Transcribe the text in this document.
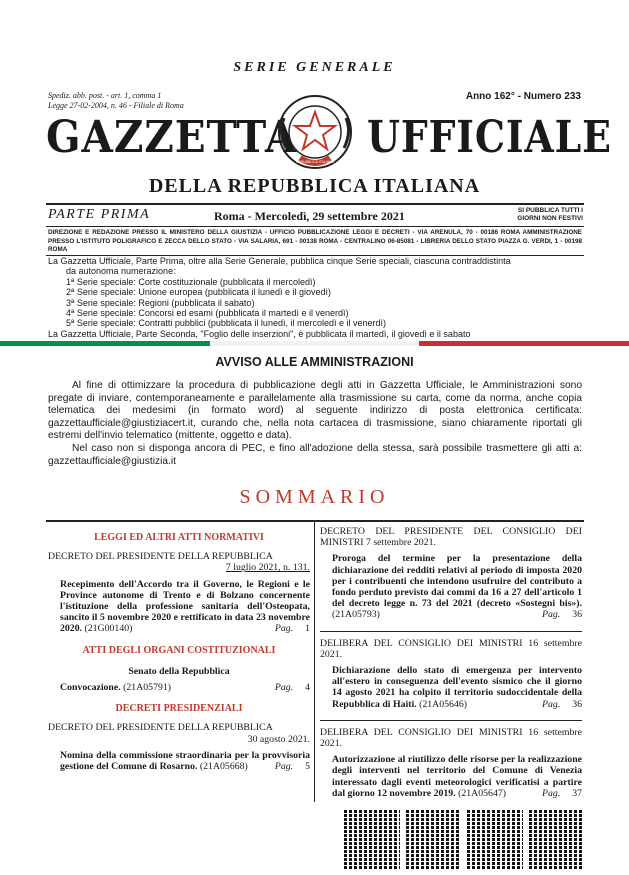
SERIE GENERALE
Spediz. abb. post. - art. 1, comma 1
Legge 27-02-2004, n. 46 - Filiale di Roma
Anno 162° - Numero 233
GAZZETTA
REPUBBLICA ITALIANA UFFICIALE
DELLA REPUBBLICA ITALIANA
PARTE PRIMA	Roma - Mercoledì, 29 settembre 2021	SI PUBBLICA TUTTI I GIORNI NON FESTIVI
DIREZIONE E REDAZIONE PRESSO IL MINISTERO DELLA GIUSTIZIA - UFFICIO PUBBLICAZIONE LEGGI E DECRETI - VIA ARENULA, 70 - 00186 ROMA AMMINISTRAZIONE PRESSO L'ISTITUTO POLIGRAFICO E ZECCA DELLO STATO - VIA SALARIA, 691 - 00138 ROMA - CENTRALINO 06-85081 - LIBRERIA DELLO STATO PIAZZA G. VERDI, 1 - 00198 ROMA

La Gazzetta Ufficiale, Parte Prima, oltre alla Serie Generale, pubblica cinque Serie speciali, ciascuna contraddistinta

da autonoma numerazione:

1ª Serie speciale: Corte costituzionale (pubblicata il mercoledì)

2ª Serie speciale: Unione europea (pubblicata il lunedì e il giovedì)

3ª Serie speciale: Regioni (pubblicata il sabato)

4ª Serie speciale: Concorsi ed esami (pubblicata il martedì e il venerdì)

5ª Serie speciale: Contratti pubblici (pubblicata il lunedì, il mercoledì e il venerdì)

La Gazzetta Ufficiale, Parte Seconda, "Foglio delle inserzioni", è pubblicata il martedì, il giovedì e il sabato

AVVISO ALLE AMMINISTRAZIONI

Al fine di ottimizzare la procedura di pubblicazione degli atti in Gazzetta Ufficiale, le Amministrazioni sono pregate di inviare, contemporaneamente e parallelamente alla trasmissione su carta, come da norma, anche copia telematica dei medesimi (in formato word) al seguente indirizzo di posta elettronica certificata: gazzettaufficiale@giustiziacert.it, curando che, nella nota cartacea di trasmissione, siano chiaramente riportati gli estremi dell'invio telematico (mittente, oggetto e data).

Nel caso non si disponga ancora di PEC, e fino all'adozione della stessa, sarà possibile trasmettere gli atti a: gazzettaufficiale@giustizia.it

SOMMARIO
LEGGI ED ALTRI ATTI NORMATIVI
DECRETO DEL PRESIDENTE DELLA REPUBBLICA
7 luglio 2021, n. 131.
Recepimento dell'Accordo tra il Governo, le Regioni e le Province autonome di Trento e di Bolzano concernente l'istituzione della professione sanitaria dell'Osteopata, sancito il 5 novembre 2020 e rettificato in data 23 novembre 2020. (21G00140)	Pag. 1
ATTI DEGLI ORGANI COSTITUZIONALI
Senato della Repubblica
Convocazione. (21A05791)	Pag. 4
DECRETI PRESIDENZIALI
DECRETO DEL PRESIDENTE DELLA REPUBBLICA
30 agosto 2021.
Nomina della commissione straordinaria per la provvisoria gestione del Comune di Rosarno. (21A05668)	Pag. 5
DECRETO DEL PRESIDENTE DEL CONSIGLIO DEI MINISTRI 7 settembre 2021.
Proroga del termine per la presentazione della dichiarazione dei redditi relativi al periodo di imposta 2020 per i contribuenti che intendono usufruire del contributo a fondo perduto previsto dai commi da 16 a 27 dell'articolo 1 del decreto legge n. 73 del 2021 (decreto «Sostegni bis»). (21A05793)	Pag. 36
DELIBERA DEL CONSIGLIO DEI MINISTRI 16 settembre 2021.
Dichiarazione dello stato di emergenza per intervento all'estero in conseguenza dell'evento sismico che il giorno 14 agosto 2021 ha colpito il territorio sudoccidentale della Repubblica di Haiti. (21A05646)	Pag. 36
DELIBERA DEL CONSIGLIO DEI MINISTRI 16 settembre 2021.
Autorizzazione al riutilizzo delle risorse per la realizzazione degli interventi nel territorio del Comune di Venezia interessato dagli eventi meteorologici verificatisi a partire dal giorno 12 novembre 2019. (21A05647)	Pag. 37
